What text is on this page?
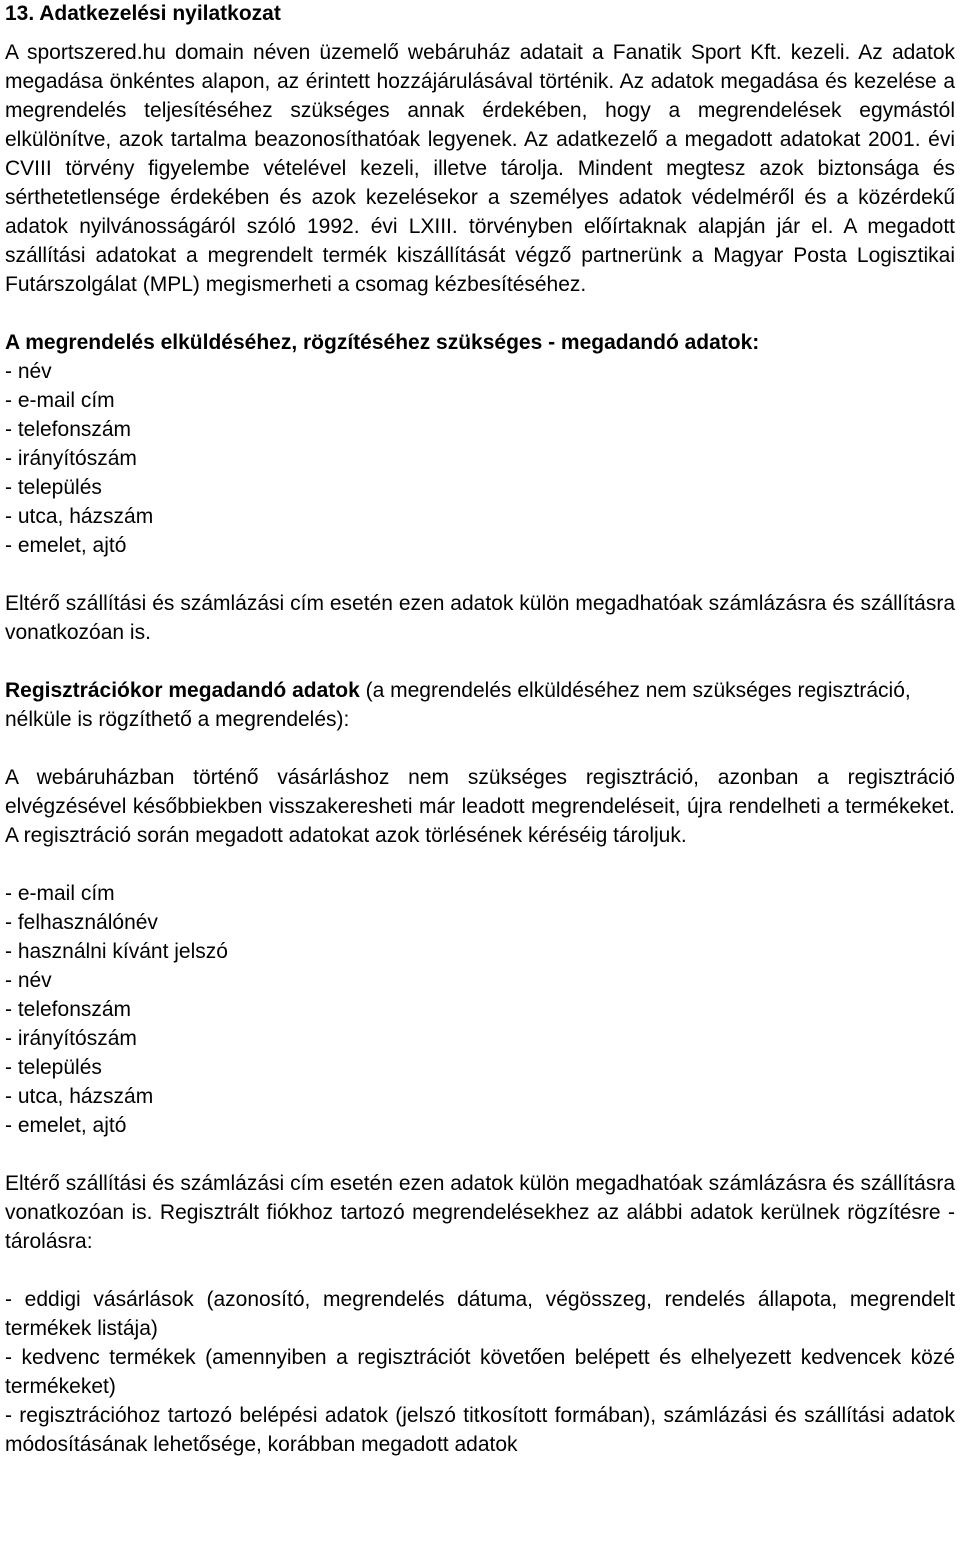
13. Adatkezelési nyilatkozat

A sportszered.hu domain néven üzemelő webáruház adatait a Fanatik Sport Kft. kezeli. Az adatok megadása önkéntes alapon, az érintett hozzájárulásával történik. Az adatok megadása és kezelése a megrendelés teljesítéséhez szükséges annak érdekében, hogy a megrendelések egymástól elkülönítve, azok tartalma beazonosíthatóak legyenek. Az adatkezelő a megadott adatokat 2001. évi CVIII törvény figyelembe vételével kezeli, illetve tárolja. Mindent megtesz azok biztonsága és sérthetetlensége érdekében és azok kezelésekor a személyes adatok védelméről és a közérdekű adatok nyilvánosságáról szóló 1992. évi LXIII. törvényben előírtaknak alapján jár el. A megadott szállítási adatokat a megrendelt termék kiszállítását végző partnerünk a Magyar Posta Logisztikai Futárszolgálat (MPL) megismerheti a csomag kézbesítéséhez.

A megrendelés elküldéséhez, rögzítéséhez szükséges - megadandó adatok:

- név
- e-mail cím
- telefonszám
- irányítószám
- település
- utca, házszám
- emelet, ajtó

Eltérő szállítási és számlázási cím esetén ezen adatok külön megadhatóak számlázásra és szállításra vonatkozóan is.

Regisztrációkor megadandó adatok (a megrendelés elküldéséhez nem szükséges regisztráció, nélküle is rögzíthető a megrendelés):

A webáruházban történő vásárláshoz nem szükséges regisztráció, azonban a regisztráció elvégzésével későbbiekben visszakeresheti már leadott megrendeléseit, újra rendelheti a termékeket. A regisztráció során megadott adatokat azok törlésének kéréséig tároljuk.

- e-mail cím
- felhasználónév
- használni kívánt jelszó
- név
- telefonszám
- irányítószám
- település
- utca, házszám
- emelet, ajtó

Eltérő szállítási és számlázási cím esetén ezen adatok külön megadhatóak számlázásra és szállításra vonatkozóan is. Regisztrált fiókhoz tartozó megrendelésekhez az alábbi adatok kerülnek rögzítésre - tárolásra:

- eddigi vásárlások (azonosító, megrendelés dátuma, végösszeg, rendelés állapota, megrendelt termékek listája)
- kedvenc termékek (amennyiben a regisztrációt követően belépett és elhelyezett kedvencek közé termékeket)
- regisztrációhoz tartozó belépési adatok (jelszó titkosított formában), számlázási és szállítási adatok módosításának lehetősége, korábban megadott adatok
